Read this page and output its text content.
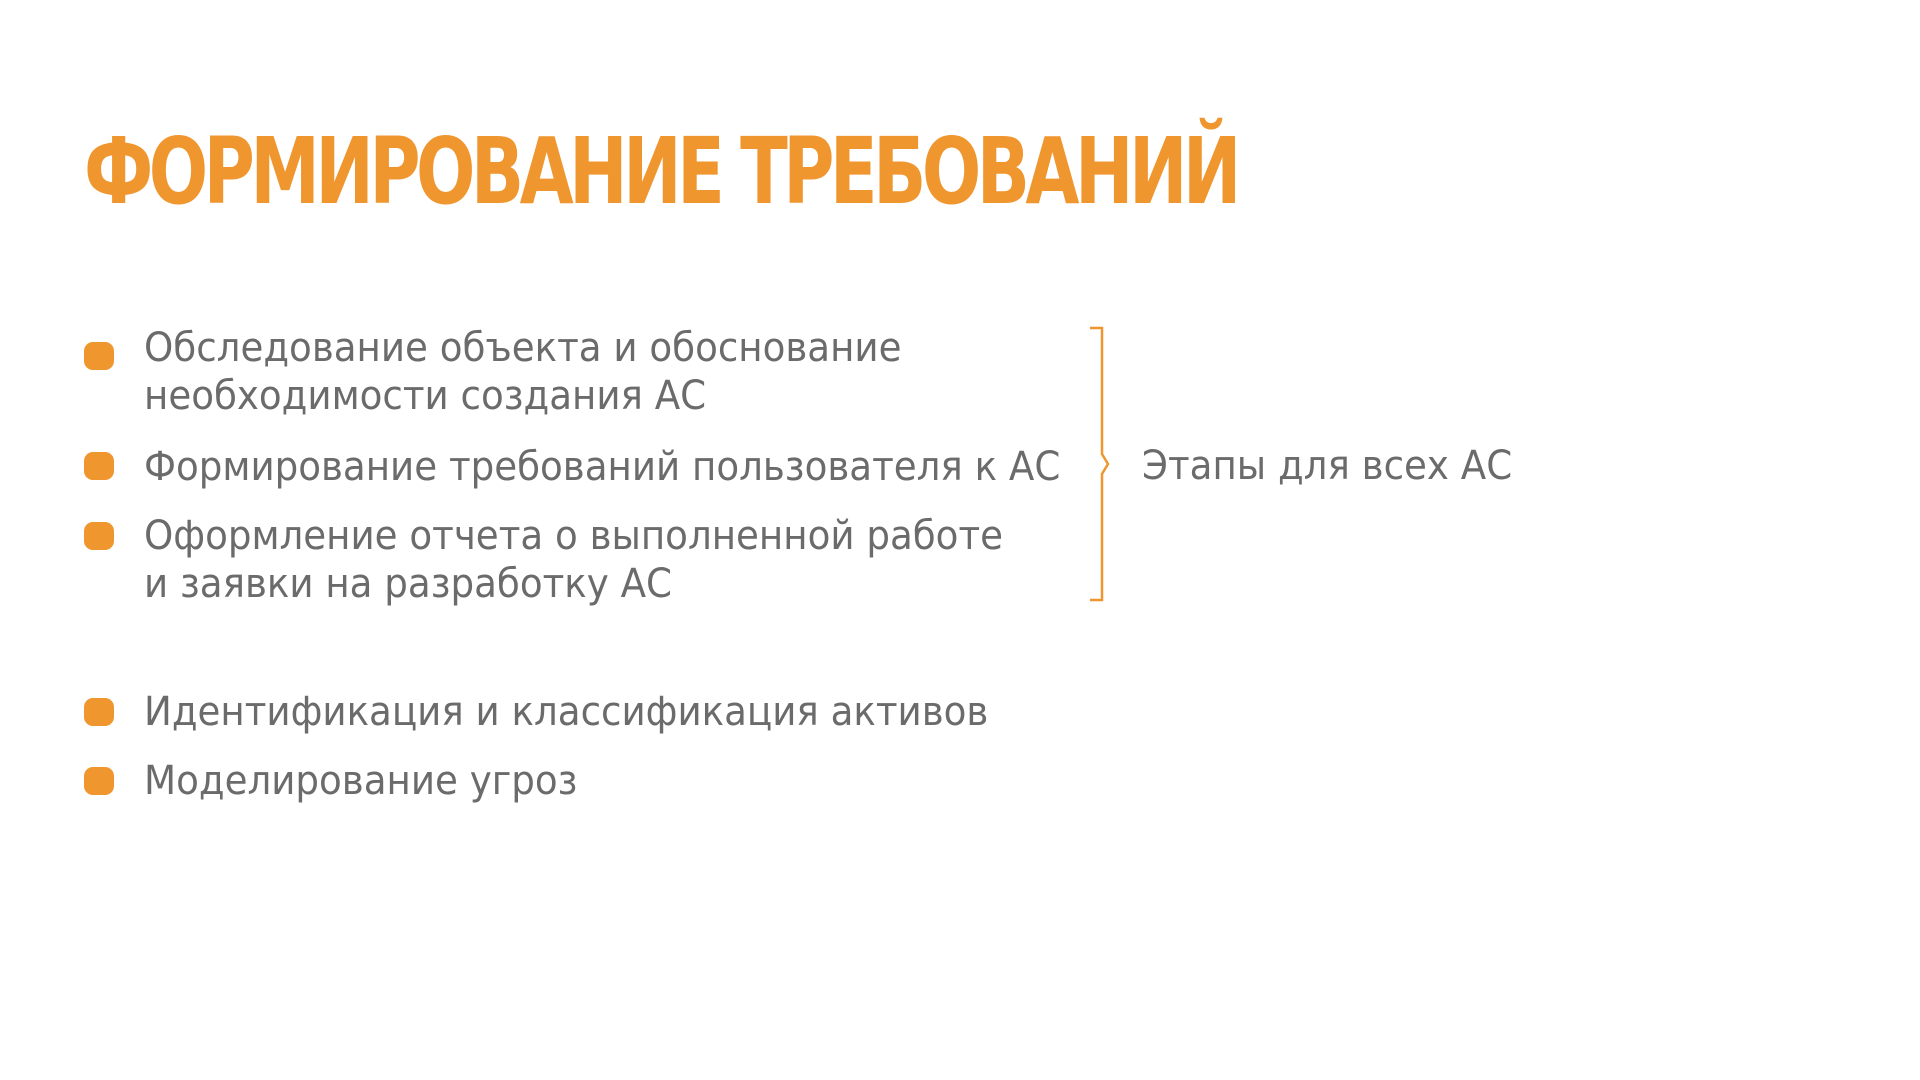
ФОРМИРОВАНИЕ ТРЕБОВАНИЙ
Обследование объекта и обоснование
необходимости создания АС
Формирование требований пользователя к АС
Оформление отчета о выполненной работе
и заявки на разработку АС
Этапы для всех АС
Идентификация и классификация активов
Моделирование угроз
